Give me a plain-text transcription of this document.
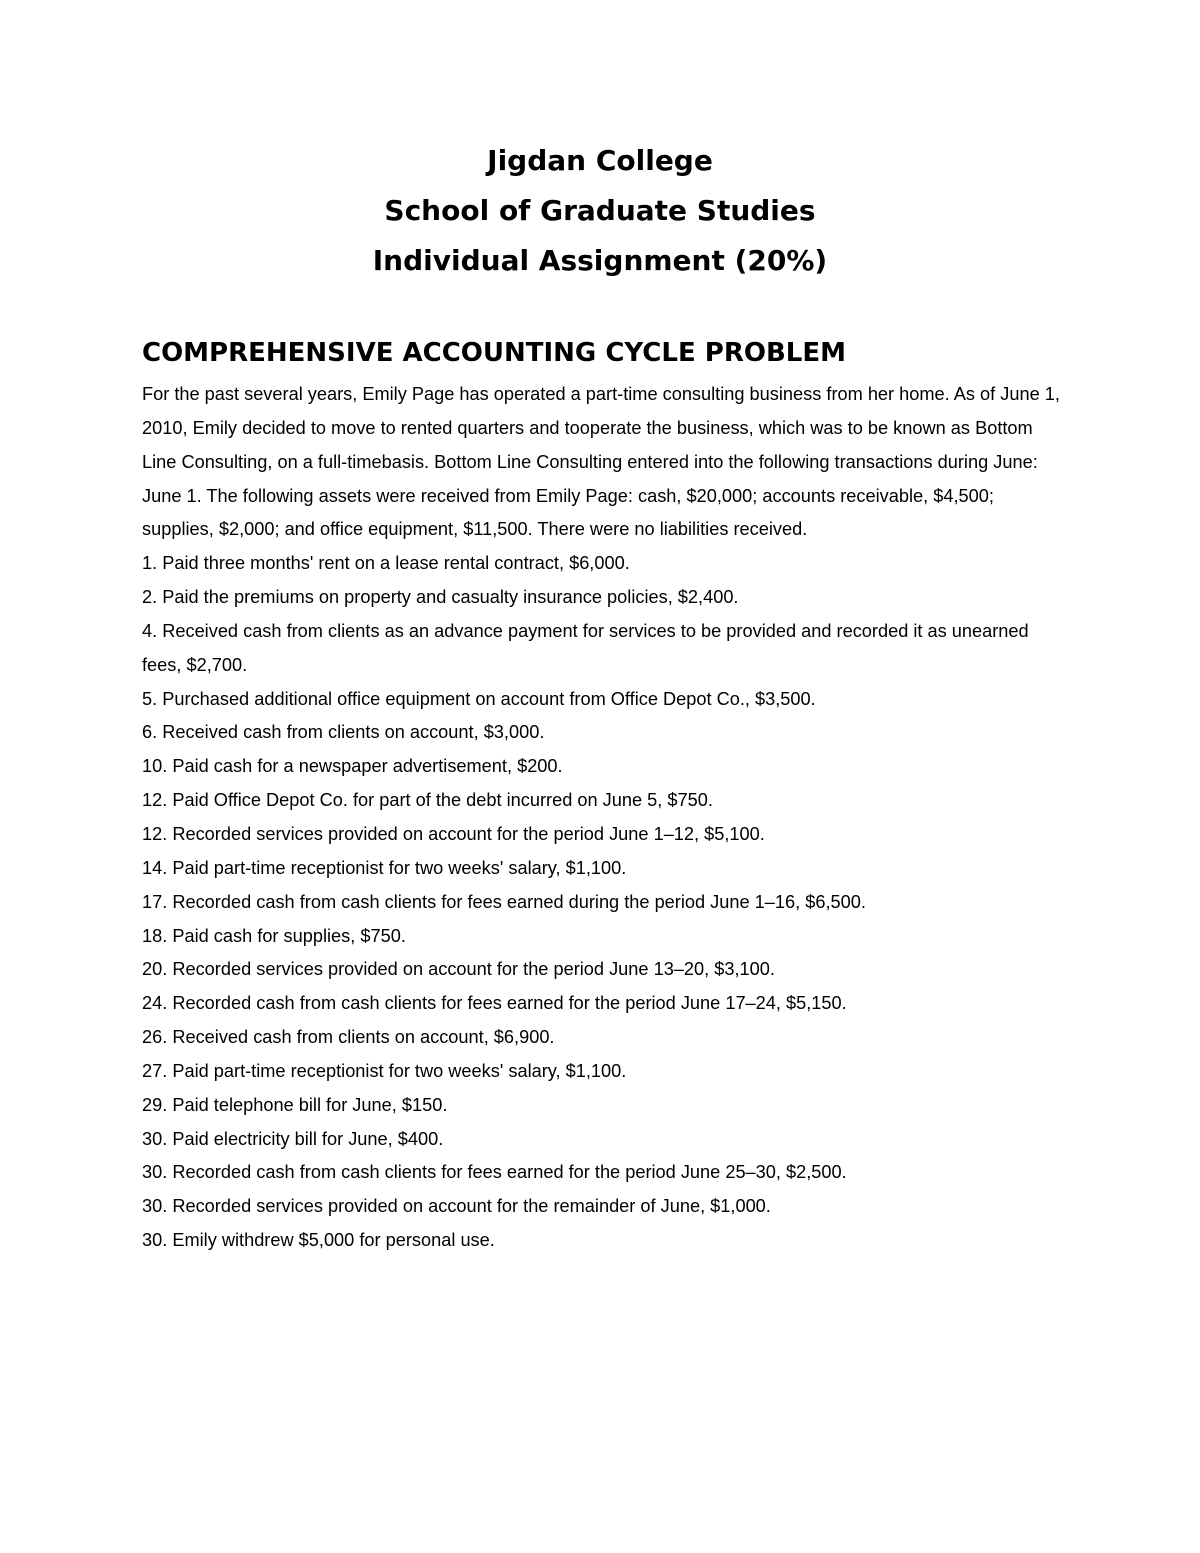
Jigdan College
School of Graduate Studies
Individual Assignment (20%)
COMPREHENSIVE ACCOUNTING CYCLE PROBLEM

For the past several years, Emily Page has operated a part-time consulting business from her home. As of June 1, 2010, Emily decided to move to rented quarters and tooperate the business, which was to be known as Bottom Line Consulting, on a full-timebasis. Bottom Line Consulting entered into the following transactions during June:

June 1. The following assets were received from Emily Page: cash, $20,000; accounts receivable, $4,500; supplies, $2,000; and office equipment, $11,500. There were no liabilities received.

1. Paid three months' rent on a lease rental contract, $6,000.

2. Paid the premiums on property and casualty insurance policies, $2,400.

4. Received cash from clients as an advance payment for services to be provided and recorded it as unearned fees, $2,700.

5. Purchased additional office equipment on account from Office Depot Co., $3,500.

6. Received cash from clients on account, $3,000.

10. Paid cash for a newspaper advertisement, $200.

12. Paid Office Depot Co. for part of the debt incurred on June 5, $750.

12. Recorded services provided on account for the period June 1–12, $5,100.

14. Paid part-time receptionist for two weeks' salary, $1,100.

17. Recorded cash from cash clients for fees earned during the period June 1–16, $6,500.

18. Paid cash for supplies, $750.

20. Recorded services provided on account for the period June 13–20, $3,100.

24. Recorded cash from cash clients for fees earned for the period June 17–24, $5,150.

26. Received cash from clients on account, $6,900.

27. Paid part-time receptionist for two weeks' salary, $1,100.

29. Paid telephone bill for June, $150.

30. Paid electricity bill for June, $400.

30. Recorded cash from cash clients for fees earned for the period June 25–30, $2,500.

30. Recorded services provided on account for the remainder of June, $1,000.

30. Emily withdrew $5,000 for personal use.
